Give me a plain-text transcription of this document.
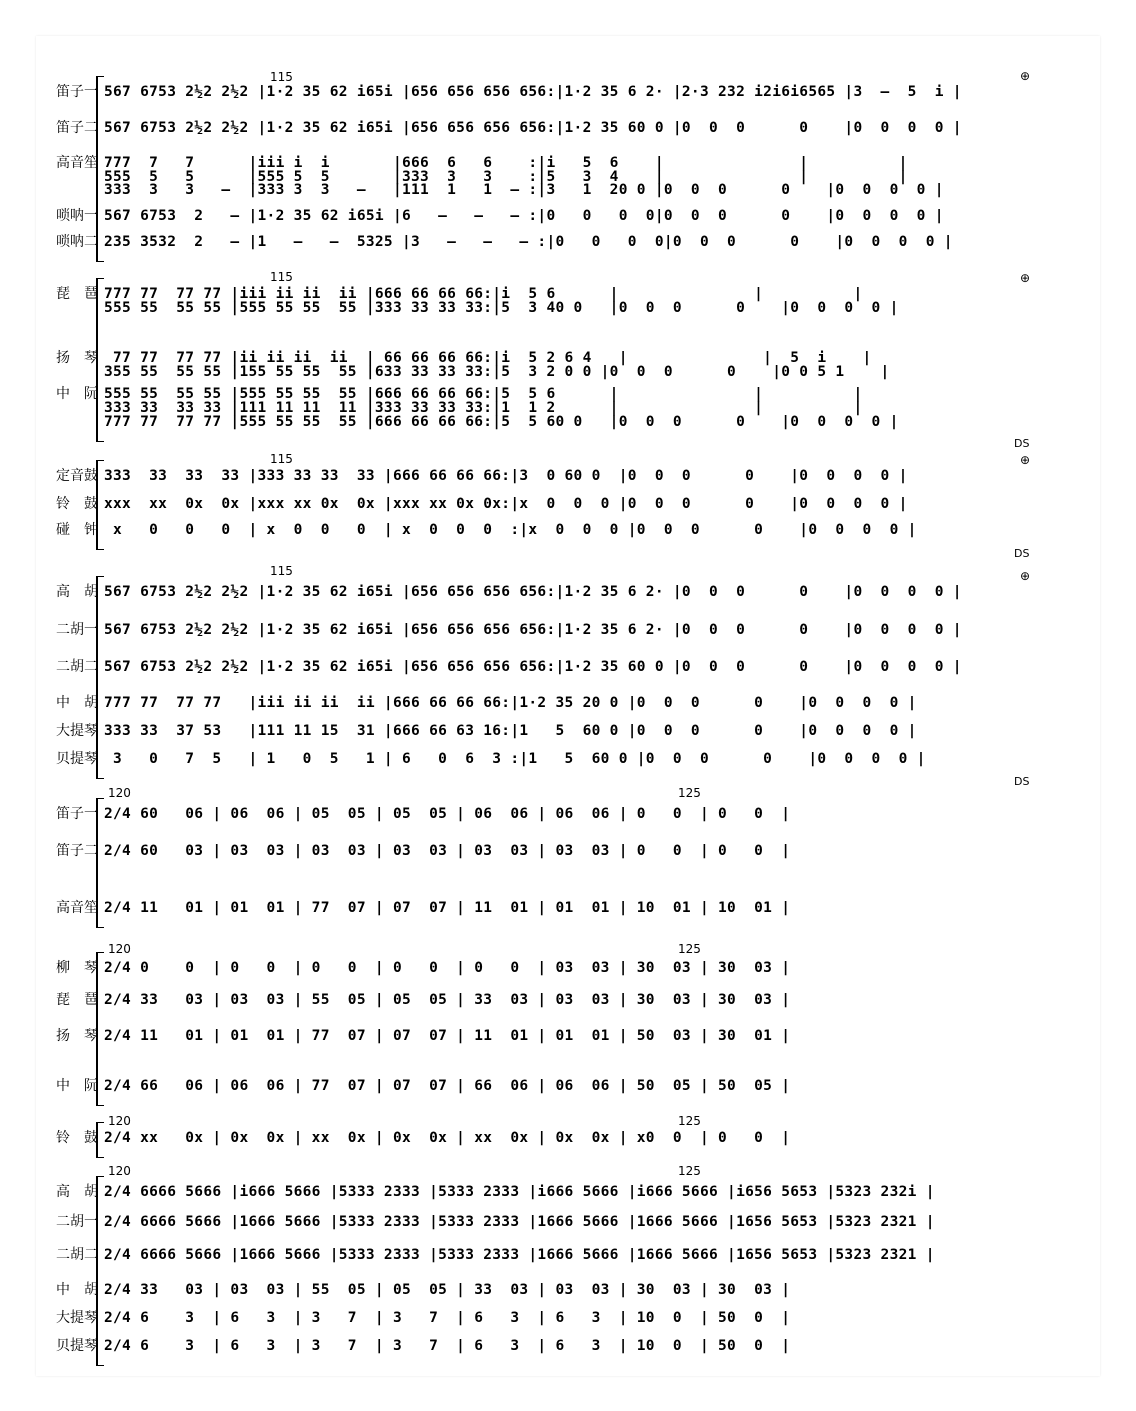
115	⊕
笛子一 567 6753 2½2 2½2 |1·2 35 62 i65i |656 656 656 656:|1·2 35 6 2· |2·3 232 i2i6i6565 |3  –  5  i |
笛子二 567 6753 2½2 2½2 |1·2 35 62 i65i |656 656 656 656:|1·2 35 60 0 |0  0  0      0    |0  0  0  0 |
高音笙 777  7   7      |iii i  i       |666  6   6    :|i   5  6    |               |          |
555  5   5      |555 5  5       |333  3   3    :|5   3  4    |               |          |
333  3   3   –  |333 3  3   –   |111  1   1  – :|3   1  20 0 |0  0  0      0    |0  0  0  0 |
唢呐一 567 6753  2   – |1·2 35 62 i65i |6   –   –   – :|0   0   0  0|0  0  0      0    |0  0  0  0 |
唢呐二 235 3532  2   – |1   –   –  5325 |3   –   –   – :|0   0   0  0|0  0  0      0    |0  0  0  0 |
115	⊕
DS
琵　琶 777 77  77 77 |iii ii ii  ii |666 66 66 66:|i  5 6      |               |          |
555 55  55 55 |555 55 55  55 |333 33 33 33:|5  3 40 0   |0  0  0      0    |0  0  0  0 |
扬　琴 77 77  77 77 |ii ii ii  ii  | 66 66 66 66:|i  5 2 6 4   |               |  5  i    |
355 55  55 55 |155 55 55  55 |633 33 33 33:|5  3 2 0 0 |0  0  0      0    |0 0 5 1    |
中　阮 555 55  55 55 |555 55 55  55 |666 66 66 66:|5  5 6      |               |          |
333 33  33 33 |111 11 11  11 |333 33 33 33:|1  1 2      |               |          |
777 77  77 77 |555 55 55  55 |666 66 66 66:|5  5 60 0   |0  0  0      0    |0  0  0  0 |
115	⊕
DS
定音鼓 333  33  33  33 |333 33 33  33 |666 66 66 66:|3  0 60 0  |0  0  0      0    |0  0  0  0 |
铃　鼓 xxx  xx  0x  0x |xxx xx 0x  0x |xxx xx 0x 0x:|x  0  0  0 |0  0  0      0    |0  0  0  0 |
碰　钟 x   0   0   0  | x  0  0   0  | x  0  0  0  :|x  0  0  0 |0  0  0      0    |0  0  0  0 |
115	⊕
DS
高　胡 567 6753 2½2 2½2 |1·2 35 62 i65i |656 656 656 656:|1·2 35 6 2· |0  0  0      0    |0  0  0  0 |
二胡一 567 6753 2½2 2½2 |1·2 35 62 i65i |656 656 656 656:|1·2 35 6 2· |0  0  0      0    |0  0  0  0 |
二胡二 567 6753 2½2 2½2 |1·2 35 62 i65i |656 656 656 656:|1·2 35 60 0 |0  0  0      0    |0  0  0  0 |
中　胡 777 77  77 77   |iii ii ii  ii |666 66 66 66:|1·2 35 20 0 |0  0  0      0    |0  0  0  0 |
大提琴 333 33  37 53   |111 11 15  31 |666 66 63 16:|1   5  60 0 |0  0  0      0    |0  0  0  0 |
贝提琴 3   0   7  5   | 1   0  5   1 | 6   0  6  3 :|1   5  60 0 |0  0  0      0    |0  0  0  0 |
120	125
笛子一 2/4 60   06 | 06  06 | 05  05 | 05  05 | 06  06 | 06  06 | 0   0  | 0   0  |
笛子二 2/4 60   03 | 03  03 | 03  03 | 03  03 | 03  03 | 03  03 | 0   0  | 0   0  |
高音笙 2/4 11   01 | 01  01 | 77  07 | 07  07 | 11  01 | 01  01 | 10  01 | 10  01 |
120	125
柳　琴 2/4 0    0  | 0   0  | 0   0  | 0   0  | 0   0  | 03  03 | 30  03 | 30  03 |
琵　琶 2/4 33   03 | 03  03 | 55  05 | 05  05 | 33  03 | 03  03 | 30  03 | 30  03 |
扬　琴 2/4 11   01 | 01  01 | 77  07 | 07  07 | 11  01 | 01  01 | 50  03 | 30  01 |
中　阮 2/4 66   06 | 06  06 | 77  07 | 07  07 | 66  06 | 06  06 | 50  05 | 50  05 |
120	125
铃　鼓 2/4 xx   0x | 0x  0x | xx  0x | 0x  0x | xx  0x | 0x  0x | x0  0  | 0   0  |
120	125
高　胡 2/4 6666 5666 |i666 5666 |5333 2333 |5333 2333 |i666 5666 |i666 5666 |i656 5653 |5323 232i |
二胡一 2/4 6666 5666 |1666 5666 |5333 2333 |5333 2333 |1666 5666 |1666 5666 |1656 5653 |5323 2321 |
二胡二 2/4 6666 5666 |1666 5666 |5333 2333 |5333 2333 |1666 5666 |1666 5666 |1656 5653 |5323 2321 |
中　胡 2/4 33   03 | 03  03 | 55  05 | 05  05 | 33  03 | 03  03 | 30  03 | 30  03 |
大提琴 2/4 6    3  | 6   3  | 3   7  | 3   7  | 6   3  | 6   3  | 10  0  | 50  0  |
贝提琴 2/4 6    3  | 6   3  | 3   7  | 3   7  | 6   3  | 6   3  | 10  0  | 50  0  |
